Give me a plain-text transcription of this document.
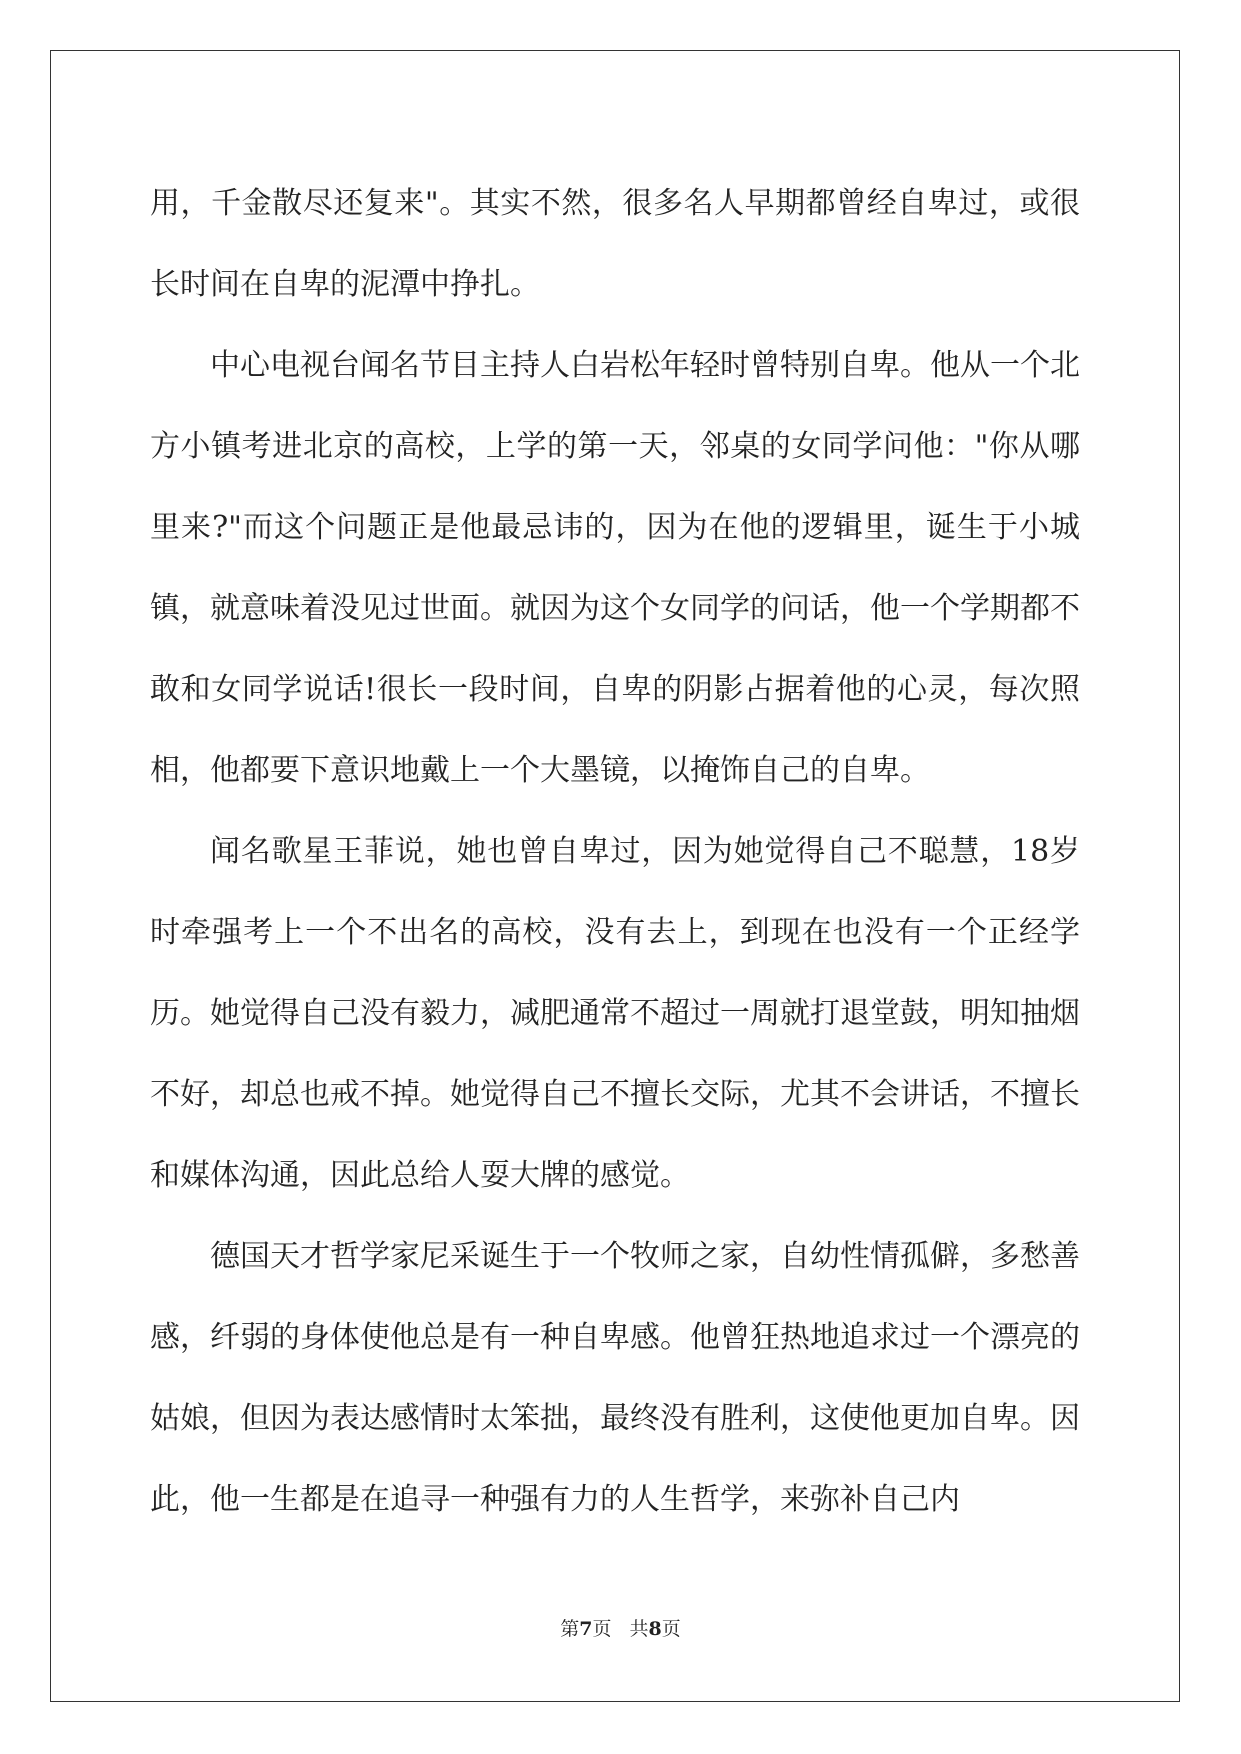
用，千金散尽还复来"。其实不然，很多名人早期都曾经自卑过，或很长时间在自卑的泥潭中挣扎。

中心电视台闻名节目主持人白岩松年轻时曾特别自卑。他从一个北方小镇考进北京的高校，上学的第一天，邻桌的女同学问他："你从哪里来?"而这个问题正是他最忌讳的，因为在他的逻辑里，诞生于小城镇，就意味着没见过世面。就因为这个女同学的问话，他一个学期都不敢和女同学说话!很长一段时间，自卑的阴影占据着他的心灵，每次照相，他都要下意识地戴上一个大墨镜，以掩饰自己的自卑。

闻名歌星王菲说，她也曾自卑过，因为她觉得自己不聪慧，18岁时牵强考上一个不出名的高校，没有去上，到现在也没有一个正经学历。她觉得自己没有毅力，减肥通常不超过一周就打退堂鼓，明知抽烟不好，却总也戒不掉。她觉得自己不擅长交际，尤其不会讲话，不擅长和媒体沟通，因此总给人耍大牌的感觉。

德国天才哲学家尼采诞生于一个牧师之家，自幼性情孤僻，多愁善感，纤弱的身体使他总是有一种自卑感。他曾狂热地追求过一个漂亮的姑娘，但因为表达感情时太笨拙，最终没有胜利，这使他更加自卑。因此，他一生都是在追寻一种强有力的人生哲学，来弥补自己内

第7页 共8页
